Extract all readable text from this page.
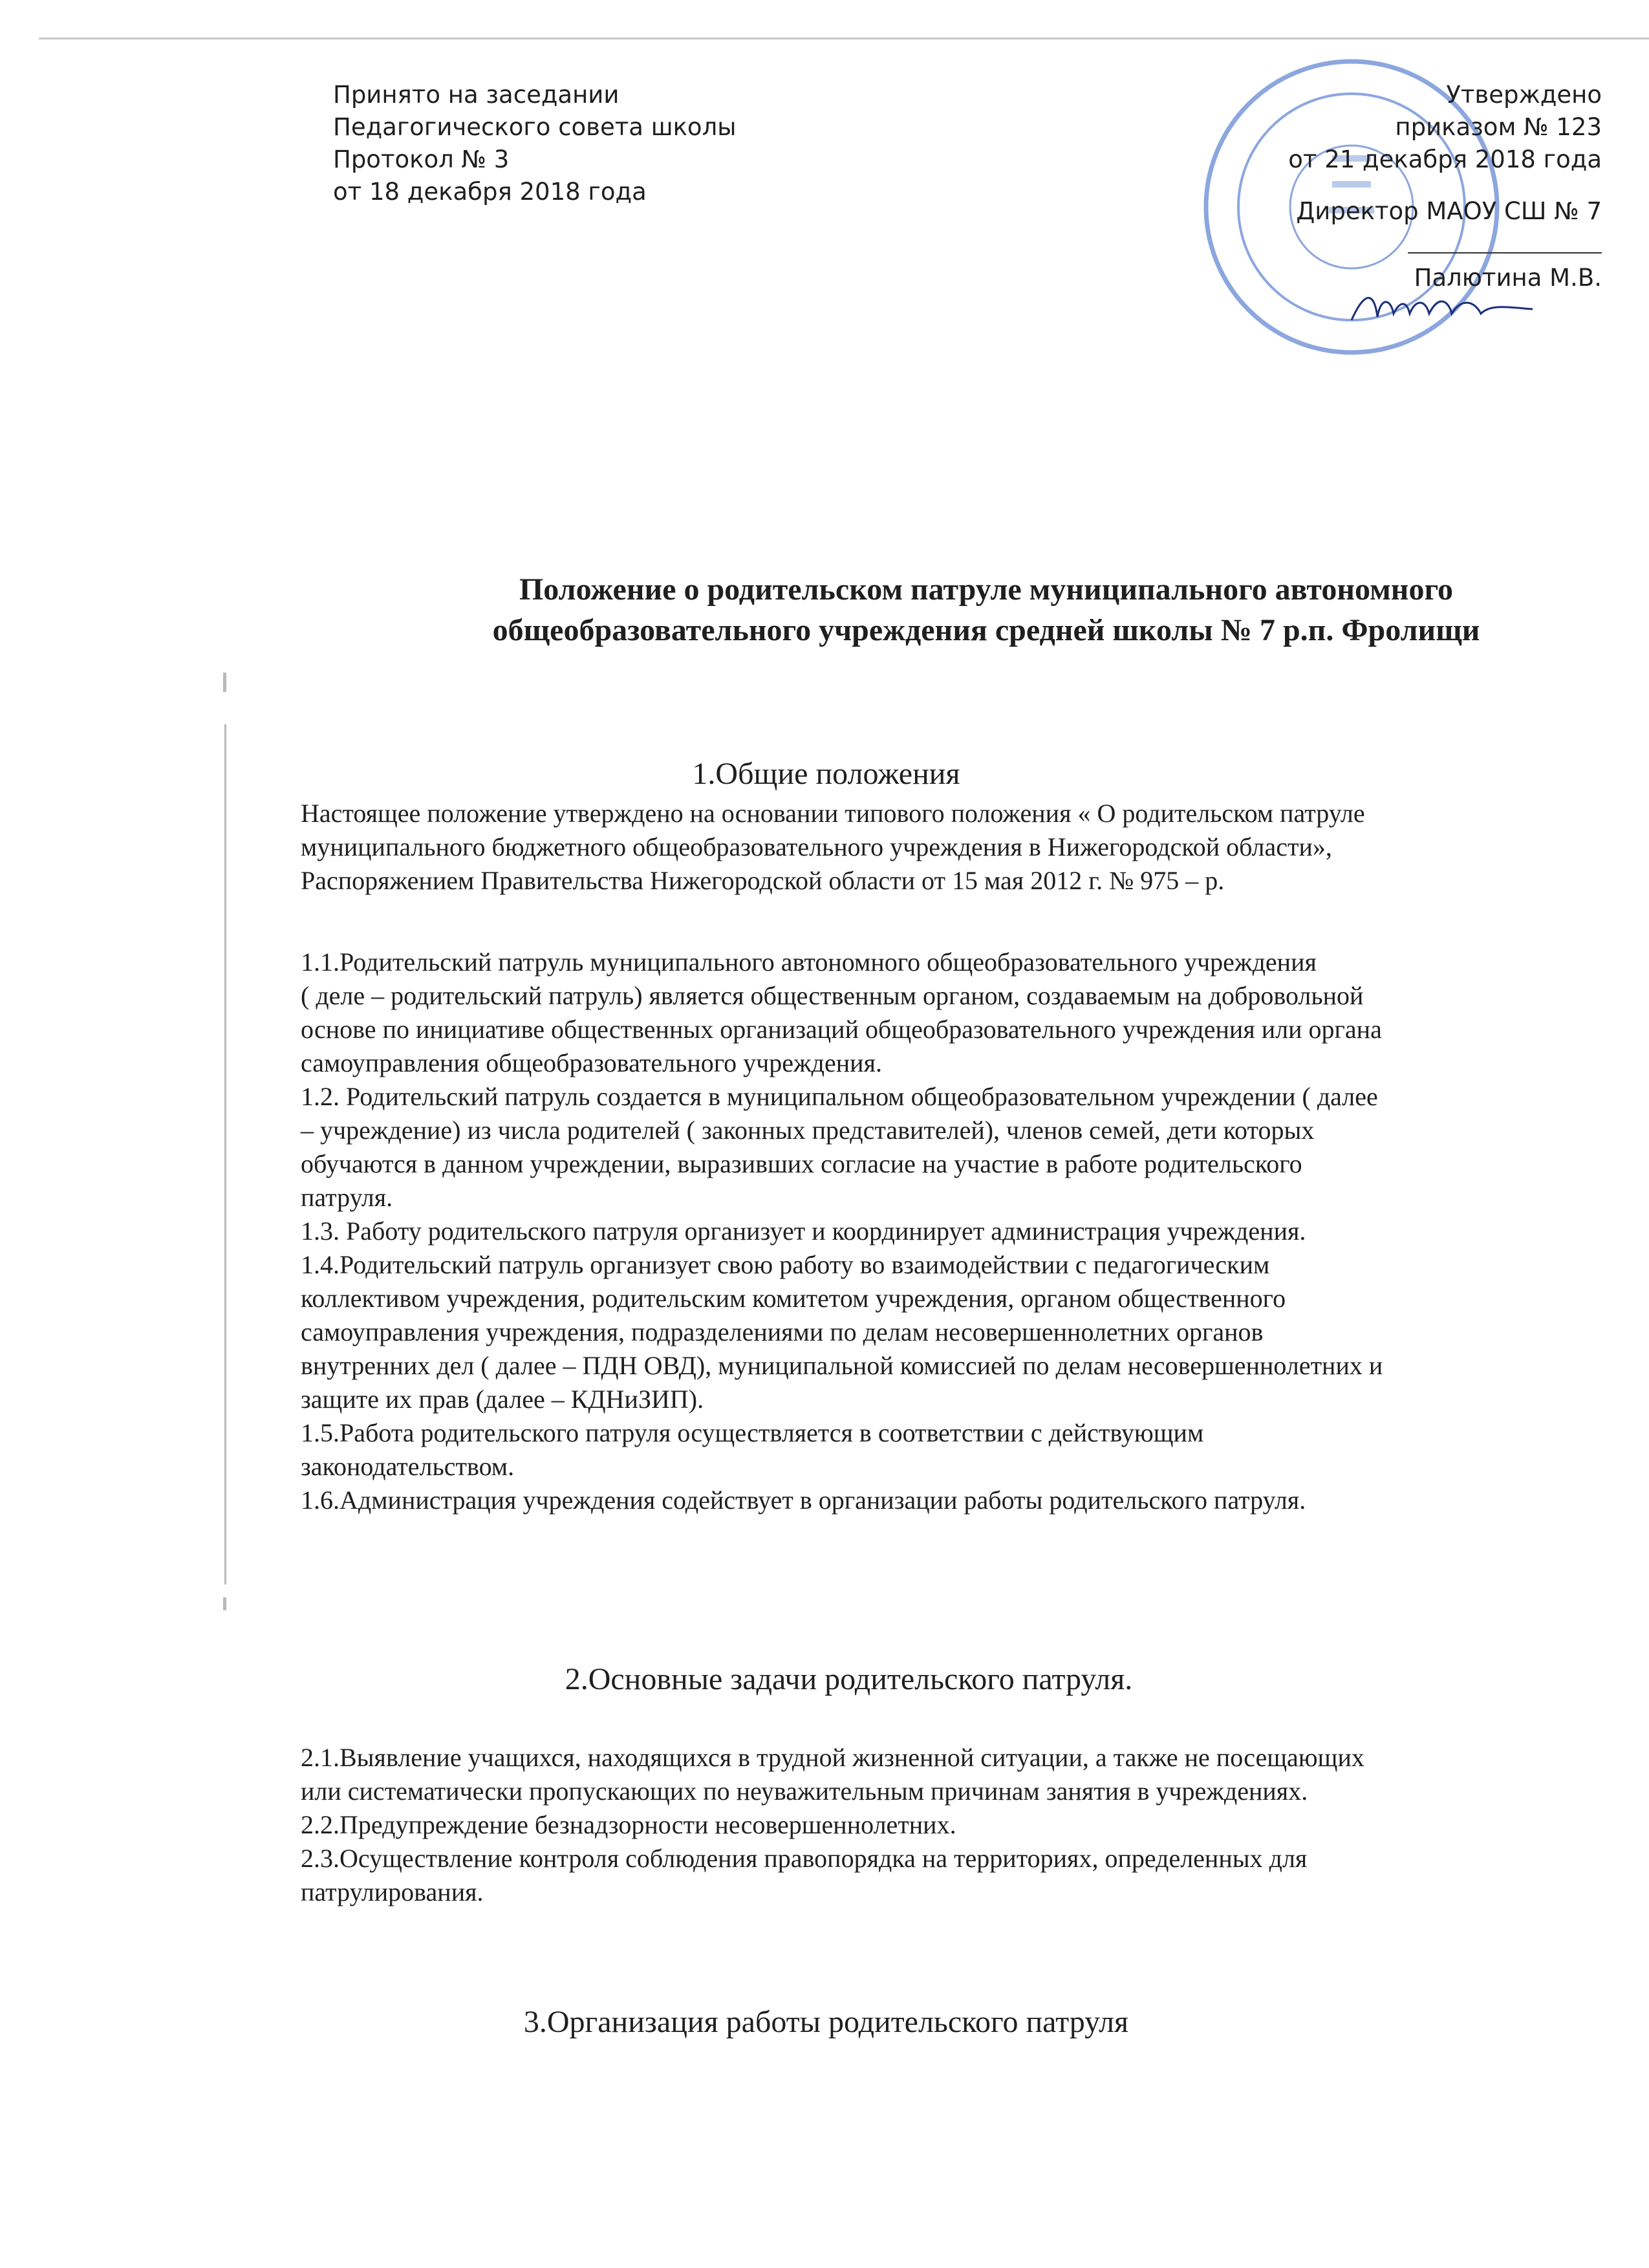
Принято на заседании
Педагогического совета школы
Протокол № 3
от 18 декабря 2018 года
Утверждено
приказом № 123
от 21 декабря 2018 года
Директор МАОУ СШ № 7
Палютина М.В.
Положение о родительском патруле муниципального автономного общеобразовательного учреждения средней школы № 7 р.п. Фролищи
1.Общие положения
Настоящее положение утверждено на основании типового положения « О родительском патруле
муниципального бюджетного общеобразовательного учреждения в Нижегородской области»,
Распоряжением Правительства Нижегородской области от 15 мая 2012 г. № 975 – р.
1.1.Родительский патруль муниципального автономного общеобразовательного учреждения
( деле – родительский патруль) является общественным органом, создаваемым на добровольной
основе по инициативе общественных организаций общеобразовательного учреждения или органа
самоуправления общеобразовательного учреждения.
1.2. Родительский патруль создается в муниципальном общеобразовательном учреждении ( далее
– учреждение) из числа родителей ( законных представителей), членов семей, дети которых
обучаются в данном учреждении, выразивших согласие на участие в работе родительского
патруля.
1.3. Работу родительского патруля организует и координирует администрация учреждения.
1.4.Родительский патруль организует свою работу во взаимодействии с педагогическим
коллективом учреждения, родительским комитетом учреждения, органом общественного
самоуправления учреждения, подразделениями по делам несовершеннолетних органов
внутренних дел ( далее – ПДН ОВД), муниципальной комиссией по делам несовершеннолетних и
защите их прав (далее – КДНиЗИП).
1.5.Работа родительского патруля осуществляется в соответствии с действующим
законодательством.
1.6.Администрация учреждения содействует в организации работы родительского патруля.
2.Основные задачи родительского патруля.
2.1.Выявление учащихся, находящихся в трудной жизненной ситуации, а также не посещающих
или систематически пропускающих по неуважительным причинам занятия в учреждениях.
2.2.Предупреждение безнадзорности несовершеннолетних.
2.3.Осуществление контроля соблюдения правопорядка на территориях, определенных для
патрулирования.
3.Организация работы родительского патруля
